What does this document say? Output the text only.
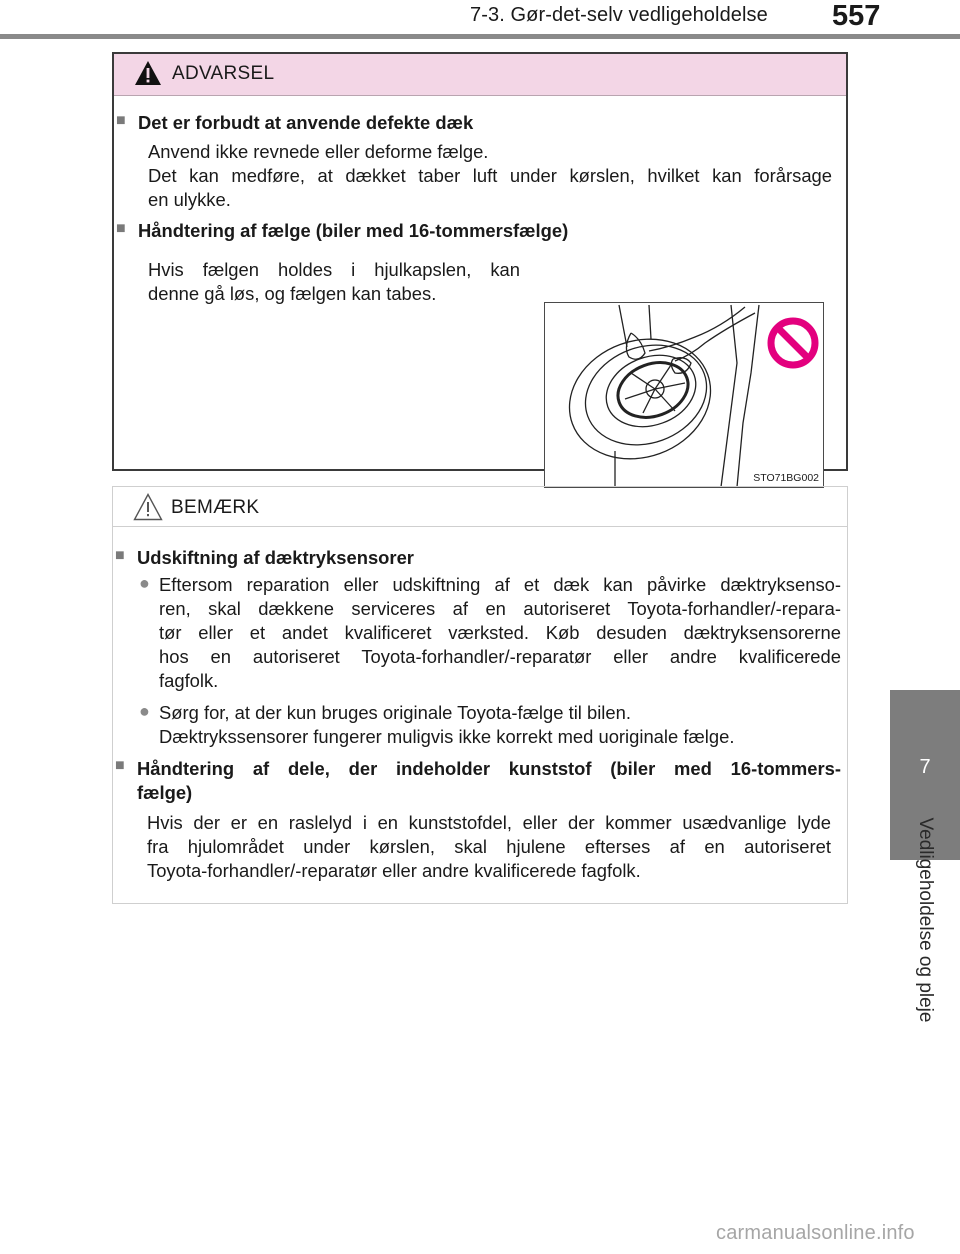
7-3. Gør-det-selv vedligeholdelse 557
7
Vedligeholdelse og pleje
ADVARSEL
■ Det er forbudt at anvende defekte dæk
Anvend ikke revnede eller deforme fælge.
Det kan medføre, at dækket taber luft under kørslen, hvilket kan forårsage
en ulykke.
■ Håndtering af fælge (biler med 16-tommersfælge)
Hvis fælgen holdes i hjulkapslen, kan
denne gå løs, og fælgen kan tabes.
STO71BG002
BEMÆRK
■ Udskiftning af dæktryksensorer
● Eftersom reparation eller udskiftning af et dæk kan påvirke dæktryksenso-
ren, skal dækkene serviceres af en autoriseret Toyota-forhandler/-repara-
tør eller et andet kvalificeret værksted. Køb desuden dæktryksensorerne
hos en autoriseret Toyota-forhandler/-reparatør eller andre kvalificerede
fagfolk.
● Sørg for, at der kun bruges originale Toyota-fælge til bilen.
Dæktrykssensorer fungerer muligvis ikke korrekt med uoriginale fælge.
■ Håndtering af dele, der indeholder kunststof (biler med 16-tommers-
fælge)
Hvis der er en raslelyd i en kunststofdel, eller der kommer usædvanlige lyde
fra hjulområdet under kørslen, skal hjulene efterses af en autoriseret
Toyota-forhandler/-reparatør eller andre kvalificerede fagfolk.
carmanualsonline.info
